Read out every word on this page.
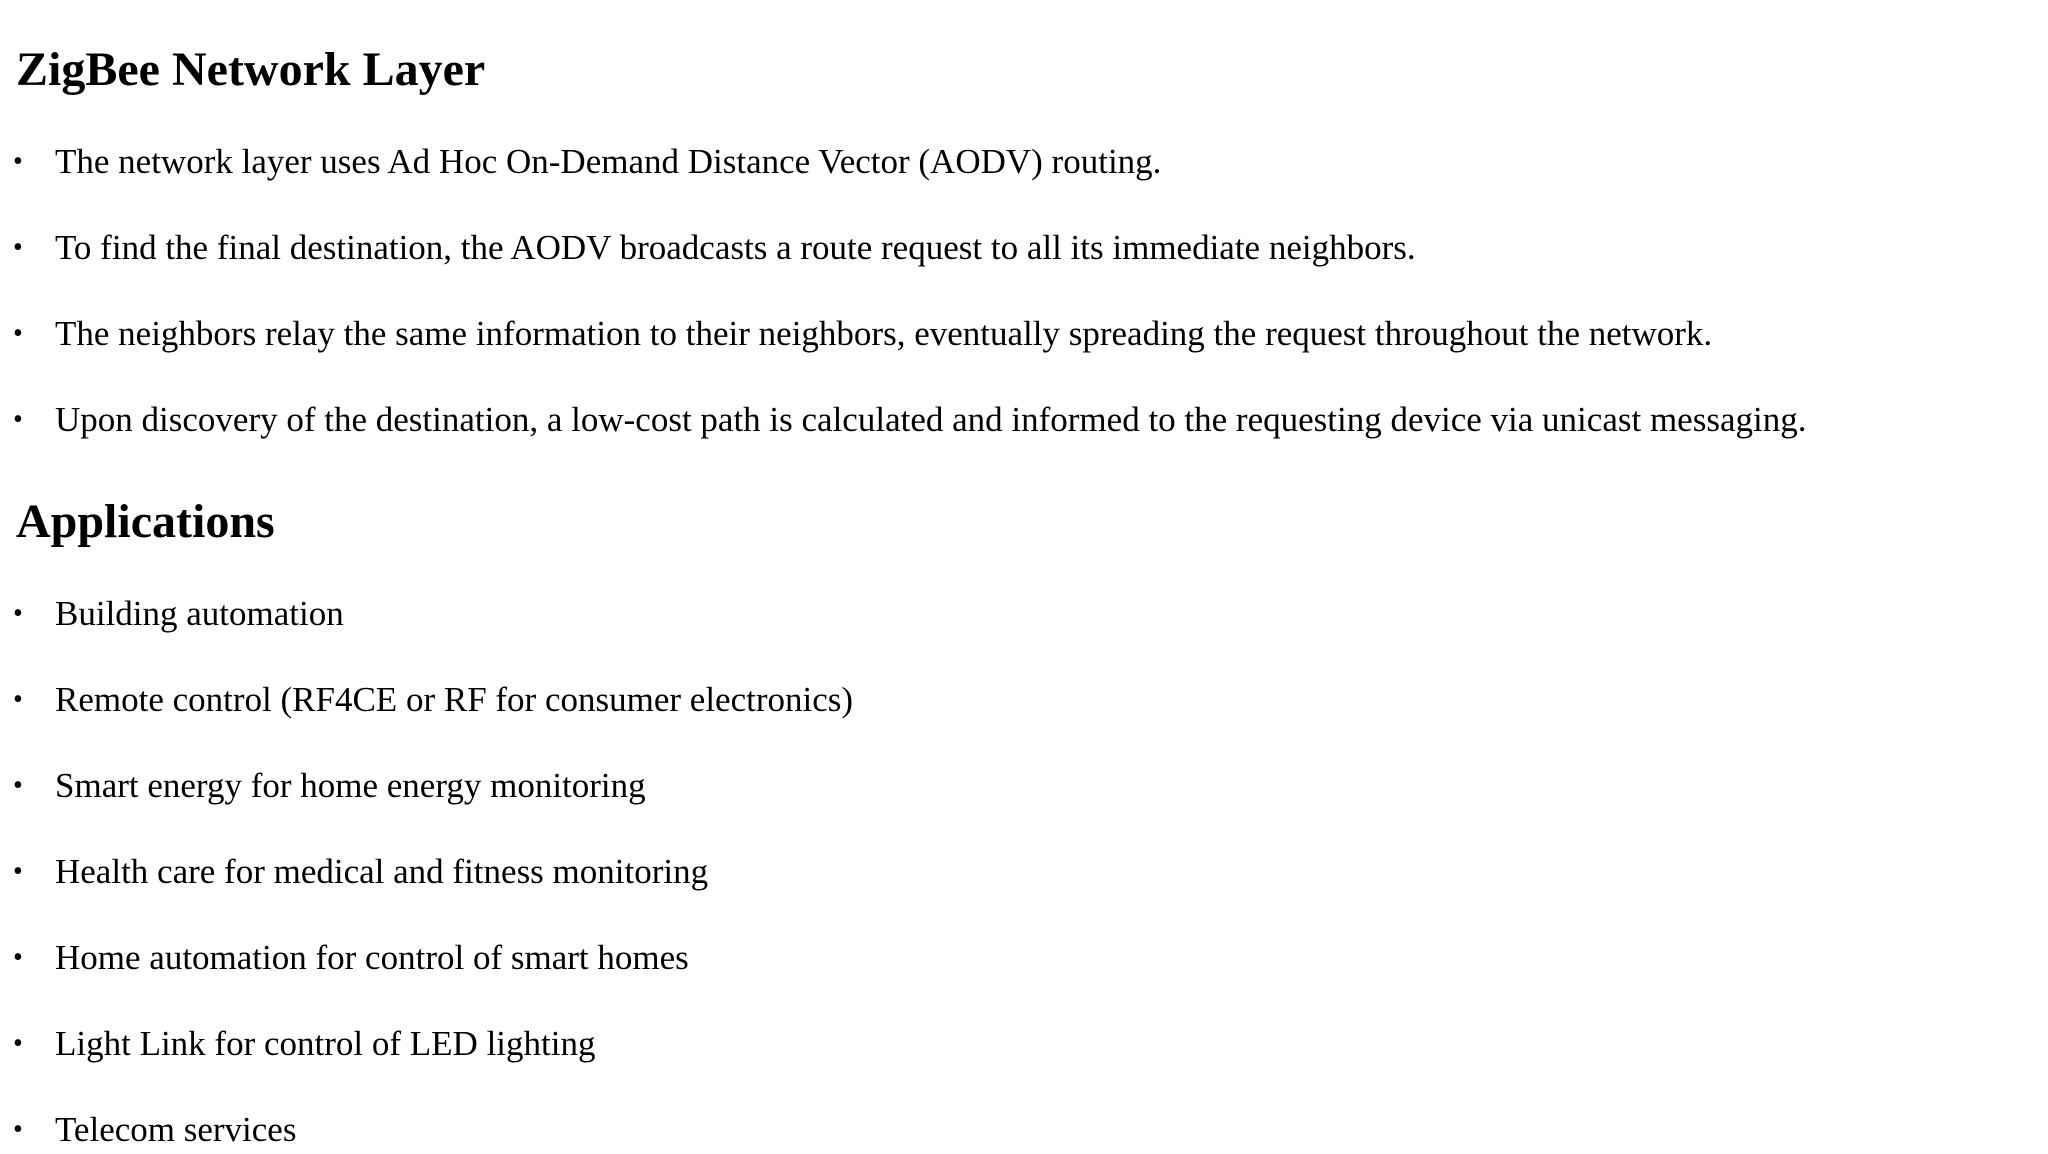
ZigBee Network Layer
• The network layer uses Ad Hoc On-Demand Distance Vector (AODV) routing.
• To find the final destination, the AODV broadcasts a route request to all its immediate neighbors.
• The neighbors relay the same information to their neighbors, eventually spreading the request throughout the network.
• Upon discovery of the destination, a low-cost path is calculated and informed to the requesting device via unicast messaging.
Applications
• Building automation
• Remote control (RF4CE or RF for consumer electronics)
• Smart energy for home energy monitoring
• Health care for medical and fitness monitoring
• Home automation for control of smart homes
• Light Link for control of LED lighting
• Telecom services
